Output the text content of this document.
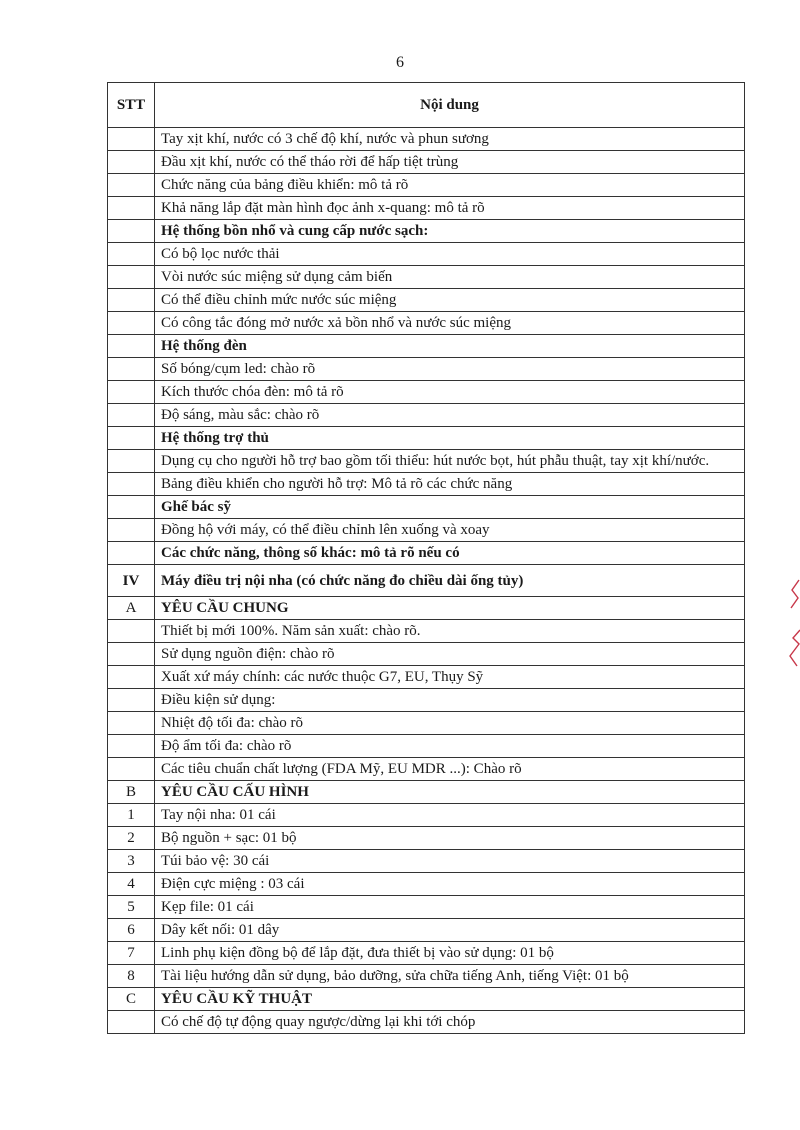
6
STT	Nội dung
	Tay xịt khí, nước có 3 chế độ khí, nước và phun sương
	Đầu xịt khí, nước có thể tháo rời để hấp tiệt trùng
	Chức năng của bảng điều khiển: mô tả rõ
	Khả năng lắp đặt màn hình đọc ảnh x-quang: mô tả rõ
	Hệ thống bồn nhổ và cung cấp nước sạch:
	Có bộ lọc nước thải
	Vòi nước súc miệng sử dụng cảm biến
	Có thể điều chỉnh mức nước súc miệng
	Có công tắc đóng mở nước xả bồn nhổ và nước súc miệng
	Hệ thống đèn
	Số bóng/cụm led: chào rõ
	Kích thước chóa đèn: mô tả rõ
	Độ sáng, màu sắc: chào rõ
	Hệ thống trợ thủ
	Dụng cụ cho người hỗ trợ bao gồm tối thiểu: hút nước bọt, hút phẫu thuật, tay xịt khí/nước.
	Bảng điều khiển cho người hỗ trợ: Mô tả rõ các chức năng
	Ghế bác sỹ
	Đồng hộ với máy, có thể điều chỉnh lên xuống và xoay
	Các chức năng, thông số khác: mô tả rõ nếu có
IV	Máy điều trị nội nha (có chức năng đo chiều dài ống tủy)
A	YÊU CẦU CHUNG
	Thiết bị mới 100%. Năm sản xuất: chào rõ.
	Sử dụng nguồn điện: chào rõ
	Xuất xứ máy chính: các nước thuộc G7, EU, Thụy Sỹ
	Điều kiện sử dụng:
	Nhiệt độ tối đa: chào rõ
	Độ ẩm tối đa: chào rõ
	Các tiêu chuẩn chất lượng (FDA Mỹ, EU MDR ...): Chào rõ
B	YÊU CẦU CẤU HÌNH
1	Tay nội nha: 01 cái
2	Bộ nguồn + sạc: 01 bộ
3	Túi bảo vệ: 30 cái
4	Điện cực miệng : 03 cái
5	Kẹp file: 01 cái
6	Dây kết nối: 01 dây
7	Linh phụ kiện đồng bộ để lắp đặt, đưa thiết bị vào sử dụng: 01 bộ
8	Tài liệu hướng dẫn sử dụng, bảo dưỡng, sửa chữa tiếng Anh, tiếng Việt: 01 bộ
C	YÊU CẦU KỸ THUẬT
	Có chế độ tự động quay ngược/dừng lại khi tới chóp
